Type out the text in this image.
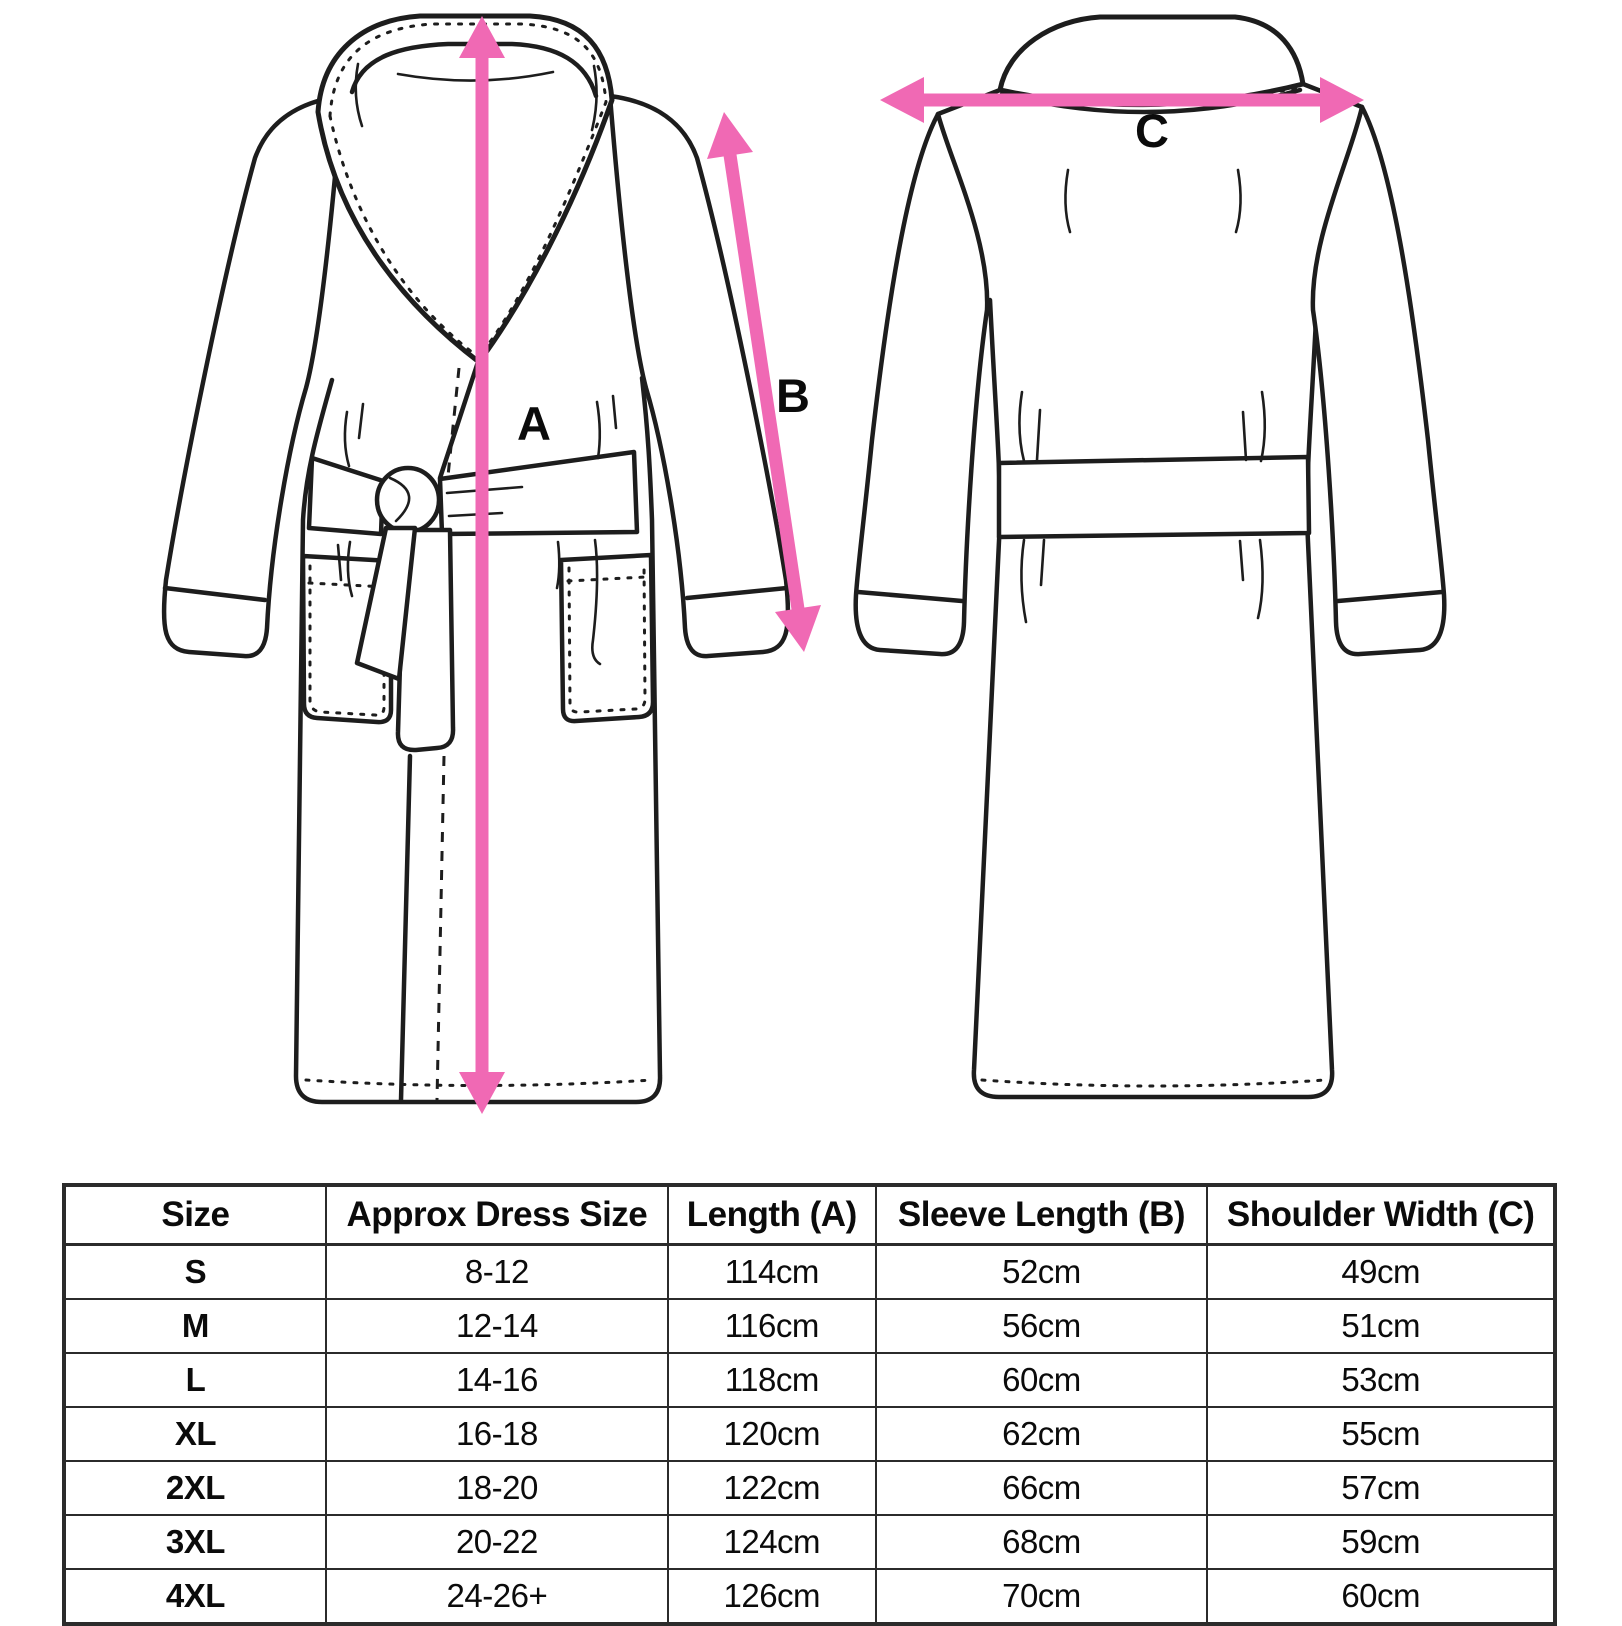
A
B
C
Size	Approx Dress Size	Length (A)	Sleeve Length (B)	Shoulder Width (C)
S	8-12	114cm	52cm	49cm
M	12-14	116cm	56cm	51cm
L	14-16	118cm	60cm	53cm
XL	16-18	120cm	62cm	55cm
2XL	18-20	122cm	66cm	57cm
3XL	20-22	124cm	68cm	59cm
4XL	24-26+	126cm	70cm	60cm
